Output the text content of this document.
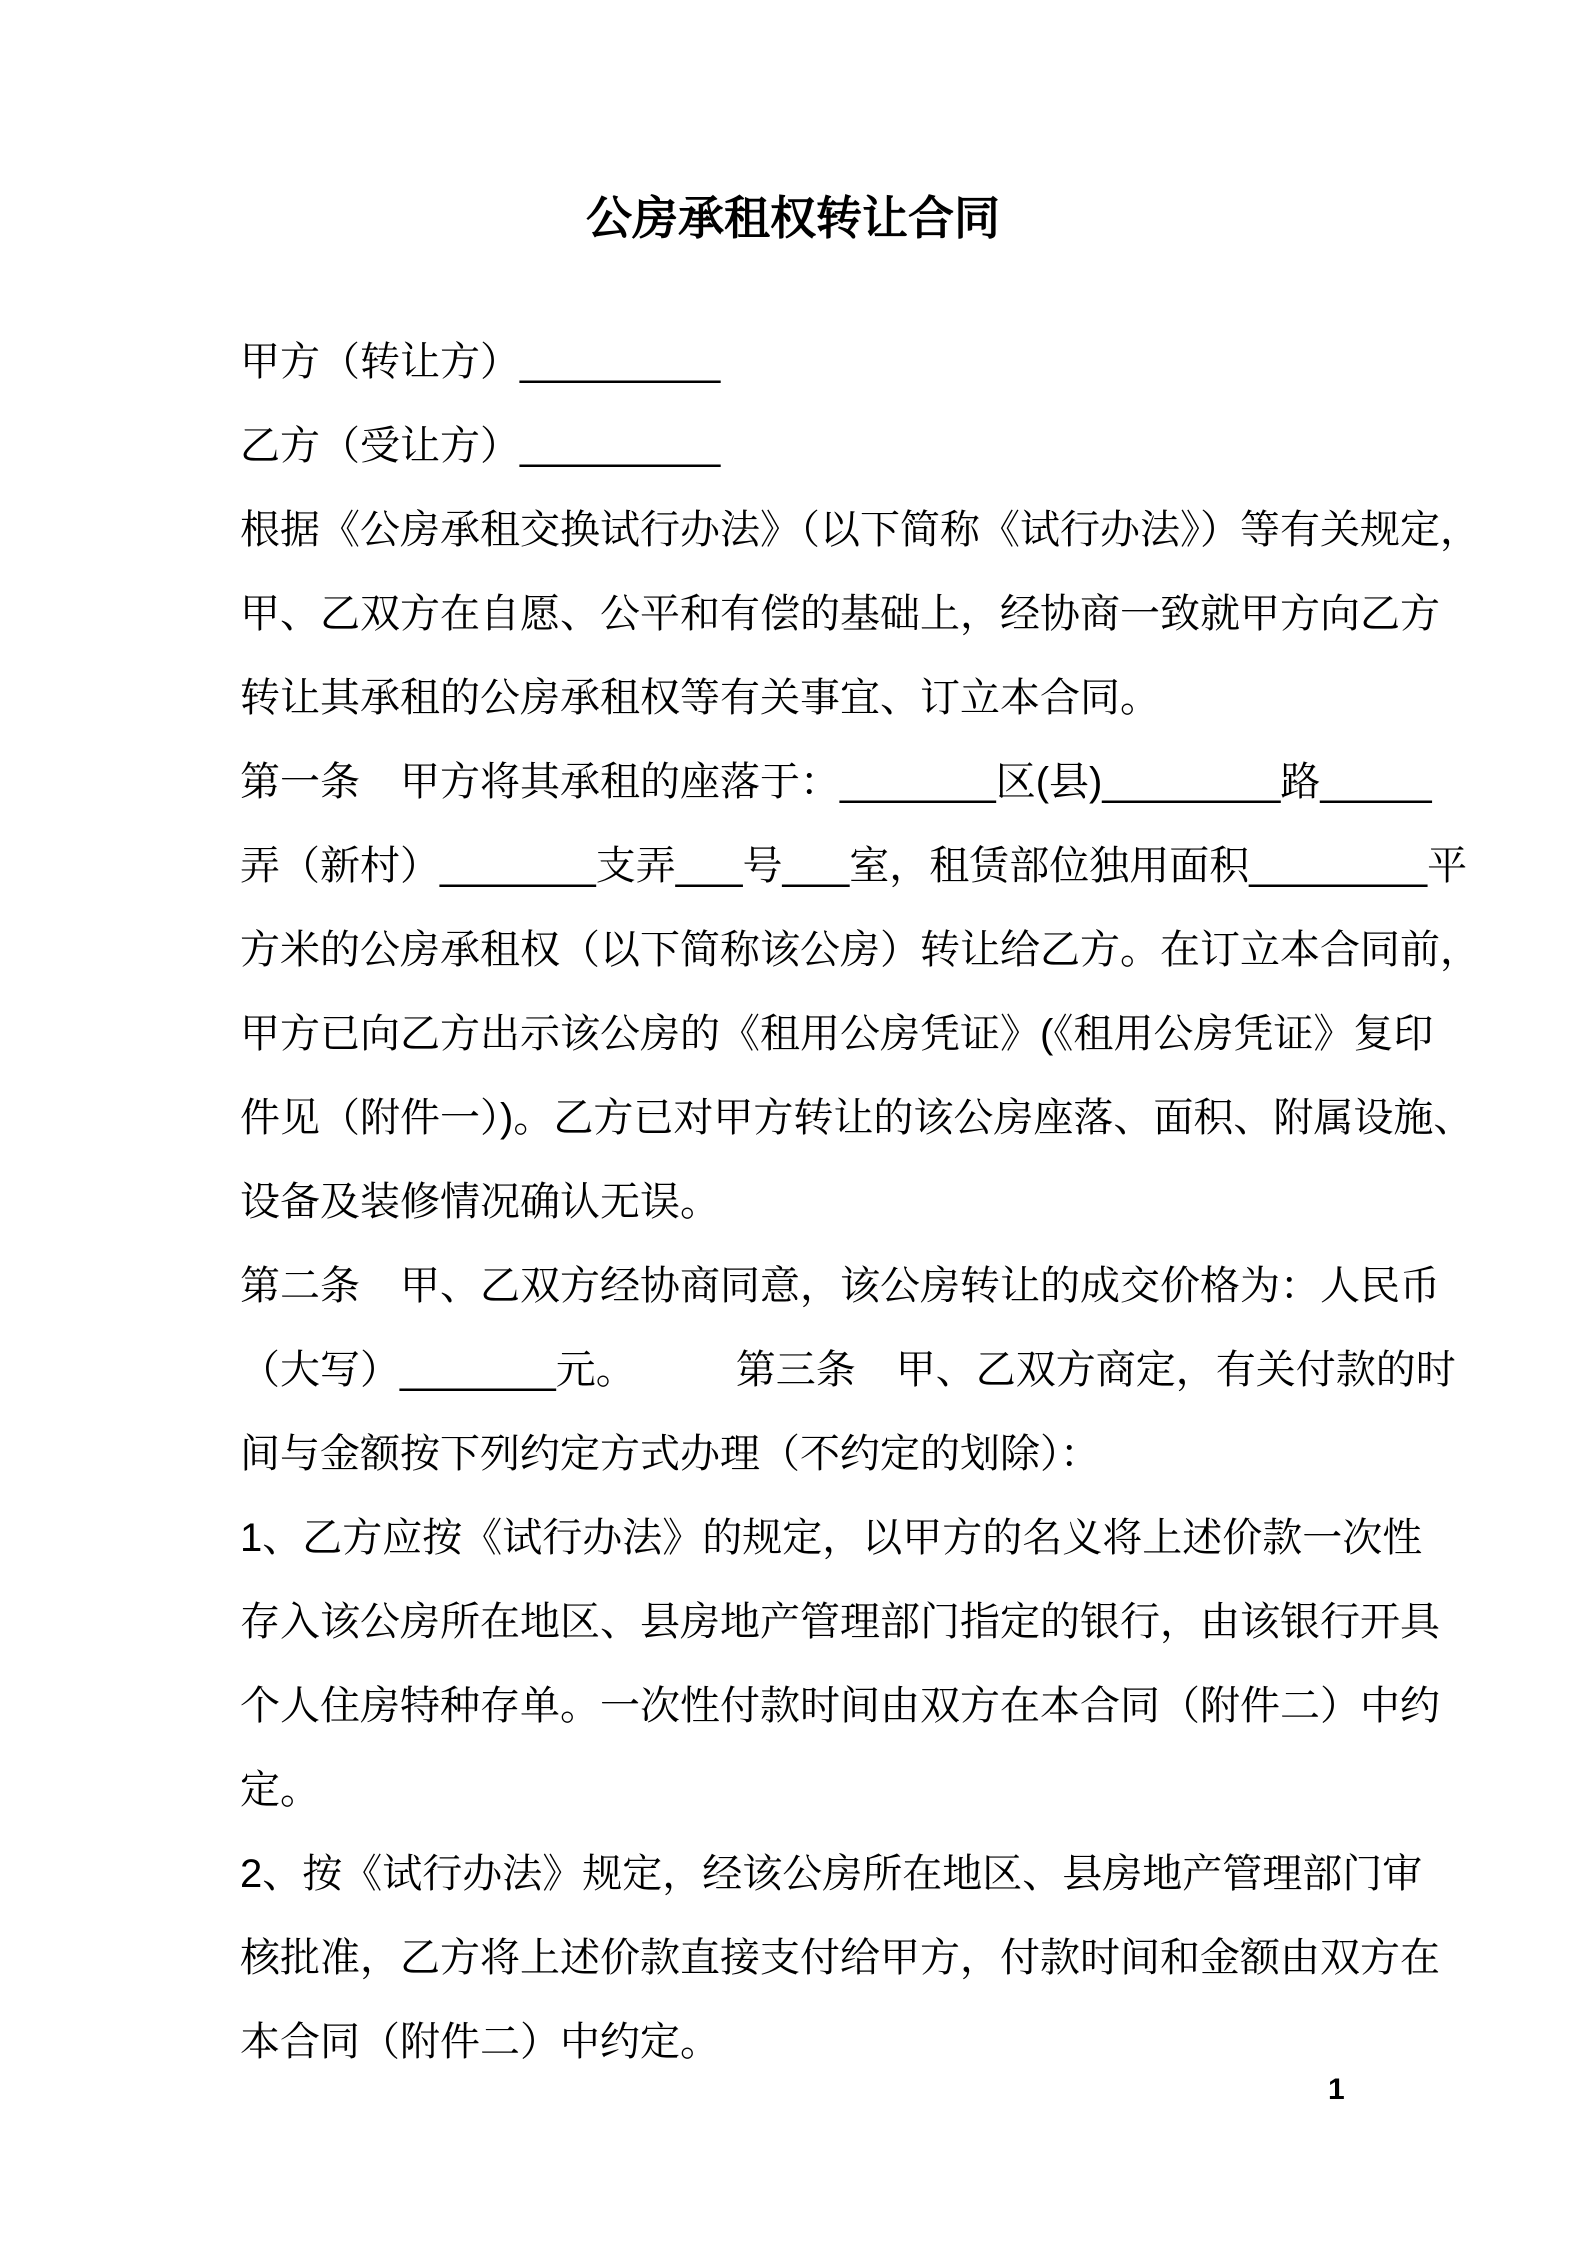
公房承租权转让合同
甲方（转让方）_________
乙方（受让方）_________
根据《公房承租交换试行办法》（以下简称《试行办法》）等有关规定，
甲、乙双方在自愿、公平和有偿的基础上，经协商一致就甲方向乙方
转让其承租的公房承租权等有关事宜、订立本合同。
第一条　甲方将其承租的座落于：_______区(县)________路_____
弄（新村）_______支弄___号___室，租赁部位独用面积________平
方米的公房承租权（以下简称该公房）转让给乙方。在订立本合同前，
甲方已向乙方出示该公房的《租用公房凭证》(《租用公房凭证》复印
件见（附件一）)。乙方已对甲方转让的该公房座落、面积、附属设施、
设备及装修情况确认无误。
第二条　甲、乙双方经协商同意，该公房转让的成交价格为：人民币
（大写）_______元。　　　第三条　甲、乙双方商定，有关付款的时
间与金额按下列约定方式办理（不约定的划除）：
1、乙方应按《试行办法》的规定，以甲方的名义将上述价款一次性
存入该公房所在地区、县房地产管理部门指定的银行，由该银行开具
个人住房特种存单。一次性付款时间由双方在本合同（附件二）中约
定。
2、按《试行办法》规定，经该公房所在地区、县房地产管理部门审
核批准，乙方将上述价款直接支付给甲方，付款时间和金额由双方在
本合同（附件二）中约定。
1
